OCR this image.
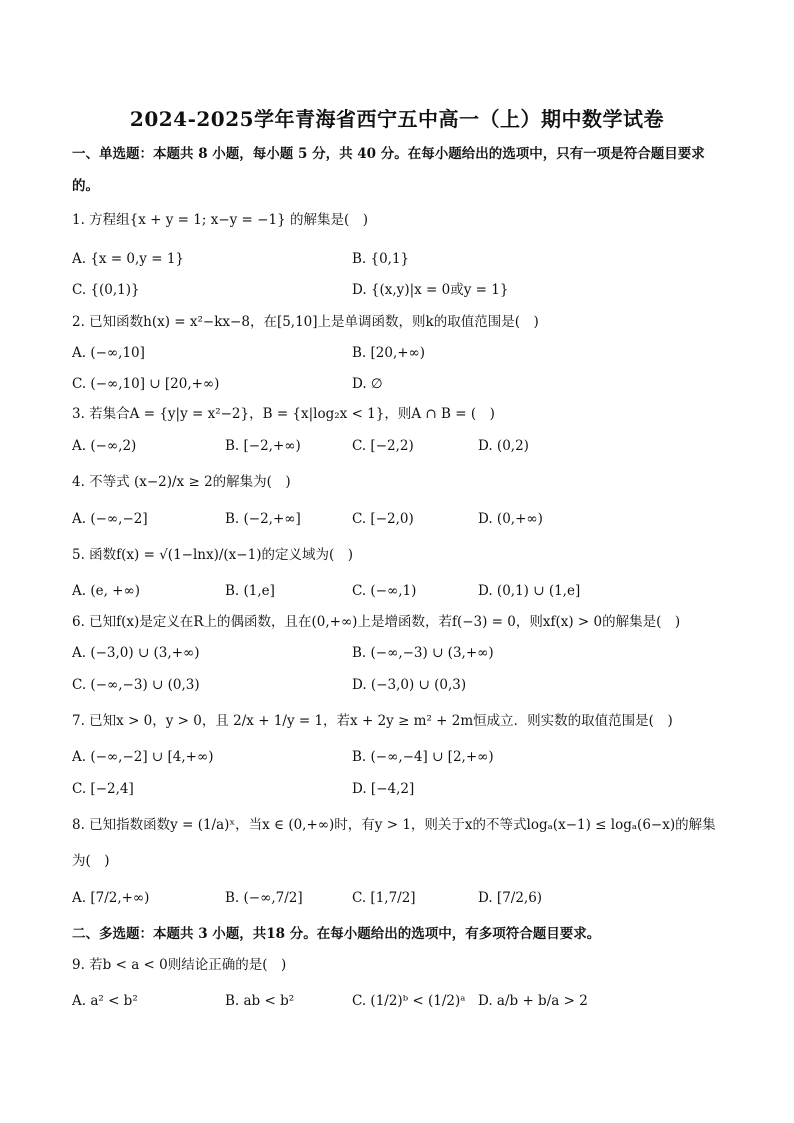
2024-2025学年青海省西宁五中高一（上）期中数学试卷
一、单选题：本题共 8 小题，每小题 5 分，共 40 分。在每小题给出的选项中，只有一项是符合题目要求
的。
1. 方程组{x + y = 1; x−y = −1} 的解集是(　)
A. {x = 0,y = 1}	B. {0,1}
C. {(0,1)}	D. {(x,y)|x = 0或y = 1}
2. 已知函数h(x) = x²−kx−8，在[5,10]上是单调函数，则k的取值范围是(　)
A. (−∞,10]	B. [20,+∞)
C. (−∞,10] ∪ [20,+∞)	D. ∅
3. 若集合A = {y|y = x²−2}，B = {x|log₂x < 1}，则A ∩ B = (　)
A. (−∞,2)	B. [−2,+∞)	C. [−2,2)	D. (0,2)
4. 不等式 (x−2)/x ≥ 2的解集为(　)
A. (−∞,−2]	B. (−2,+∞]	C. [−2,0)	D. (0,+∞)
5. 函数f(x) = √(1−lnx)/(x−1)的定义域为(　)
A. (e, +∞)	B. (1,e]	C. (−∞,1)	D. (0,1) ∪ (1,e]
6. 已知f(x)是定义在R上的偶函数，且在(0,+∞)上是增函数，若f(−3) = 0，则xf(x) > 0的解集是(　)
A. (−3,0) ∪ (3,+∞)	B. (−∞,−3) ∪ (3,+∞)
C. (−∞,−3) ∪ (0,3)	D. (−3,0) ∪ (0,3)
7. 已知x > 0，y > 0，且 2/x + 1/y = 1，若x + 2y ≥ m² + 2m恒成立．则实数的取值范围是(　)
A. (−∞,−2] ∪ [4,+∞)	B. (−∞,−4] ∪ [2,+∞)
C. [−2,4]	D. [−4,2]
8. 已知指数函数y = (1/a)ˣ，当x ∈ (0,+∞)时，有y > 1，则关于x的不等式logₐ(x−1) ≤ logₐ(6−x)的解集
为(　)
A. [7/2,+∞)	B. (−∞,7/2]	C. [1,7/2]	D. [7/2,6)
二、多选题：本题共 3 小题，共18 分。在每小题给出的选项中，有多项符合题目要求。
9. 若b < a < 0则结论正确的是(　)
A. a² < b²	B. ab < b²	C. (1/2)ᵇ < (1/2)ᵃ D. a/b + b/a > 2
